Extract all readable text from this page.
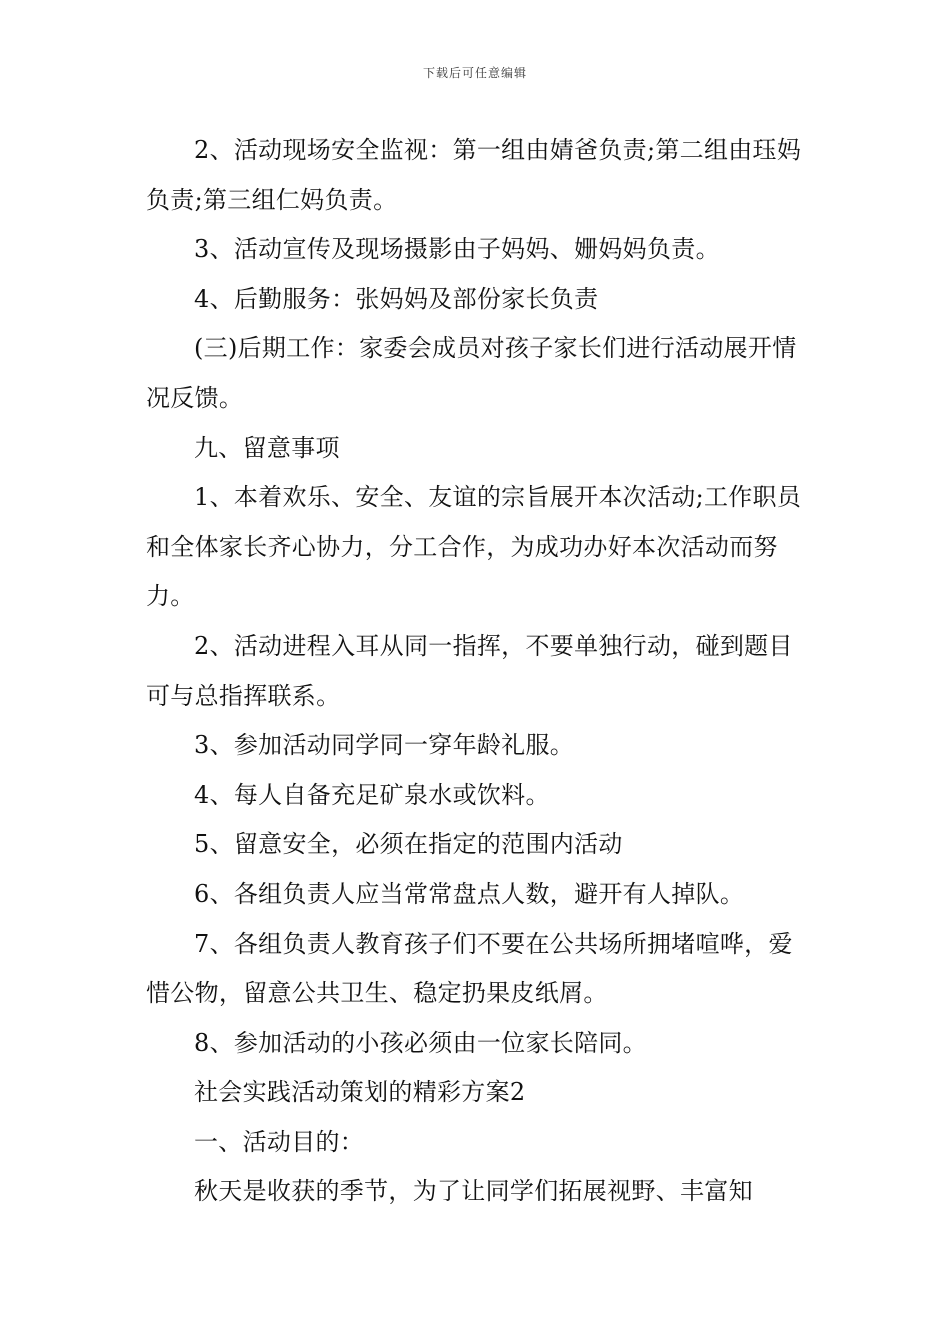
下载后可任意编辑

2、活动现场安全监视：第一组由婧爸负责;第二组由珏妈负责;第三组仁妈负责。

3、活动宣传及现场摄影由子妈妈、姗妈妈负责。

4、后勤服务：张妈妈及部份家长负责

(三)后期工作：家委会成员对孩子家长们进行活动展开情况反馈。

九、留意事项

1、本着欢乐、安全、友谊的宗旨展开本次活动;工作职员和全体家长齐心协力，分工合作，为成功办好本次活动而努力。

2、活动进程入耳从同一指挥，不要单独行动，碰到题目可与总指挥联系。

3、参加活动同学同一穿年龄礼服。

4、每人自备充足矿泉水或饮料。

5、留意安全，必须在指定的范围内活动

6、各组负责人应当常常盘点人数，避开有人掉队。

7、各组负责人教育孩子们不要在公共场所拥堵喧哗，爱惜公物，留意公共卫生、稳定扔果皮纸屑。

8、参加活动的小孩必须由一位家长陪同。

社会实践活动策划的精彩方案2

一、活动目的：

秋天是收获的季节，为了让同学们拓展视野、丰富知
